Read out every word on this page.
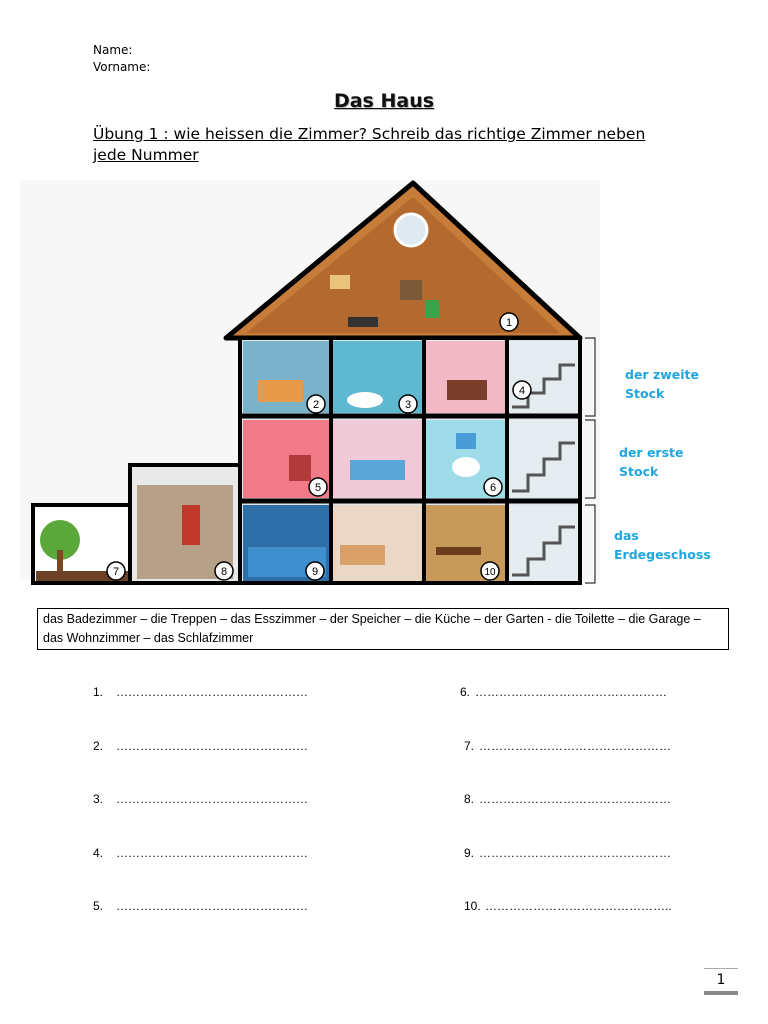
Name:
Vorname:
Das Haus
Übung 1 : wie heissen die Zimmer? Schreib das richtige Zimmer neben jede Nummer
1
2	3
4
5	6
7	8	9	10
der zweite Stock
der erste Stock
das Erdegeschoss
das Badezimmer – die Treppen – das Esszimmer – der Speicher – die Küche – der Garten - die Toilette – die Garage – das Wohnzimmer – das Schlafzimmer
1. …………………………………………
2. …………………………………………
3. …………………………………………
4. …………………………………………
5. …………………………………………
6. …………………………………………
7. …………………………………………
8. …………………………………………
9. …………………………………………
10. ………………………………………..
1
